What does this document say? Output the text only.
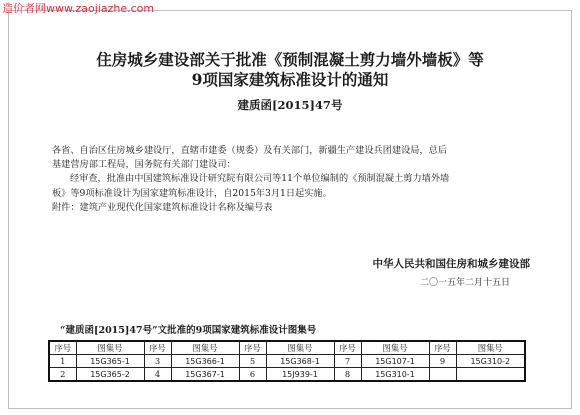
造价者网www.zaojiazhe.com
住房城乡建设部关于批准《预制混凝土剪力墙外墙板》等
9项国家建筑标准设计的通知
建质函[2015]47号

各省、自治区住房城乡建设厅，直辖市建委（规委）及有关部门，新疆生产建设兵团建设局，总后

基建营房部工程局，国务院有关部门建设司：

经审查，批准由中国建筑标准设计研究院有限公司等11个单位编制的《预制混凝土剪力墙外墙

板》等9项标准设计为国家建筑标准设计，自2015年3月1日起实施。

附件：建筑产业现代化国家建筑标准设计名称及编号表

中华人民共和国住房和城乡建设部
二〇一五年二月十五日
“建质函[2015]47号”文批准的9项国家建筑标准设计图集号
序号	图集号	序号	图集号	序号	图集号	序号	图集号	序号	图集号
1	15G365-1	3	15G366-1	5	15G368-1	7	15G107-1	9	15G310-2
2	15G365-2	4	15G367-1	6	15J939-1	8	15G310-1		
